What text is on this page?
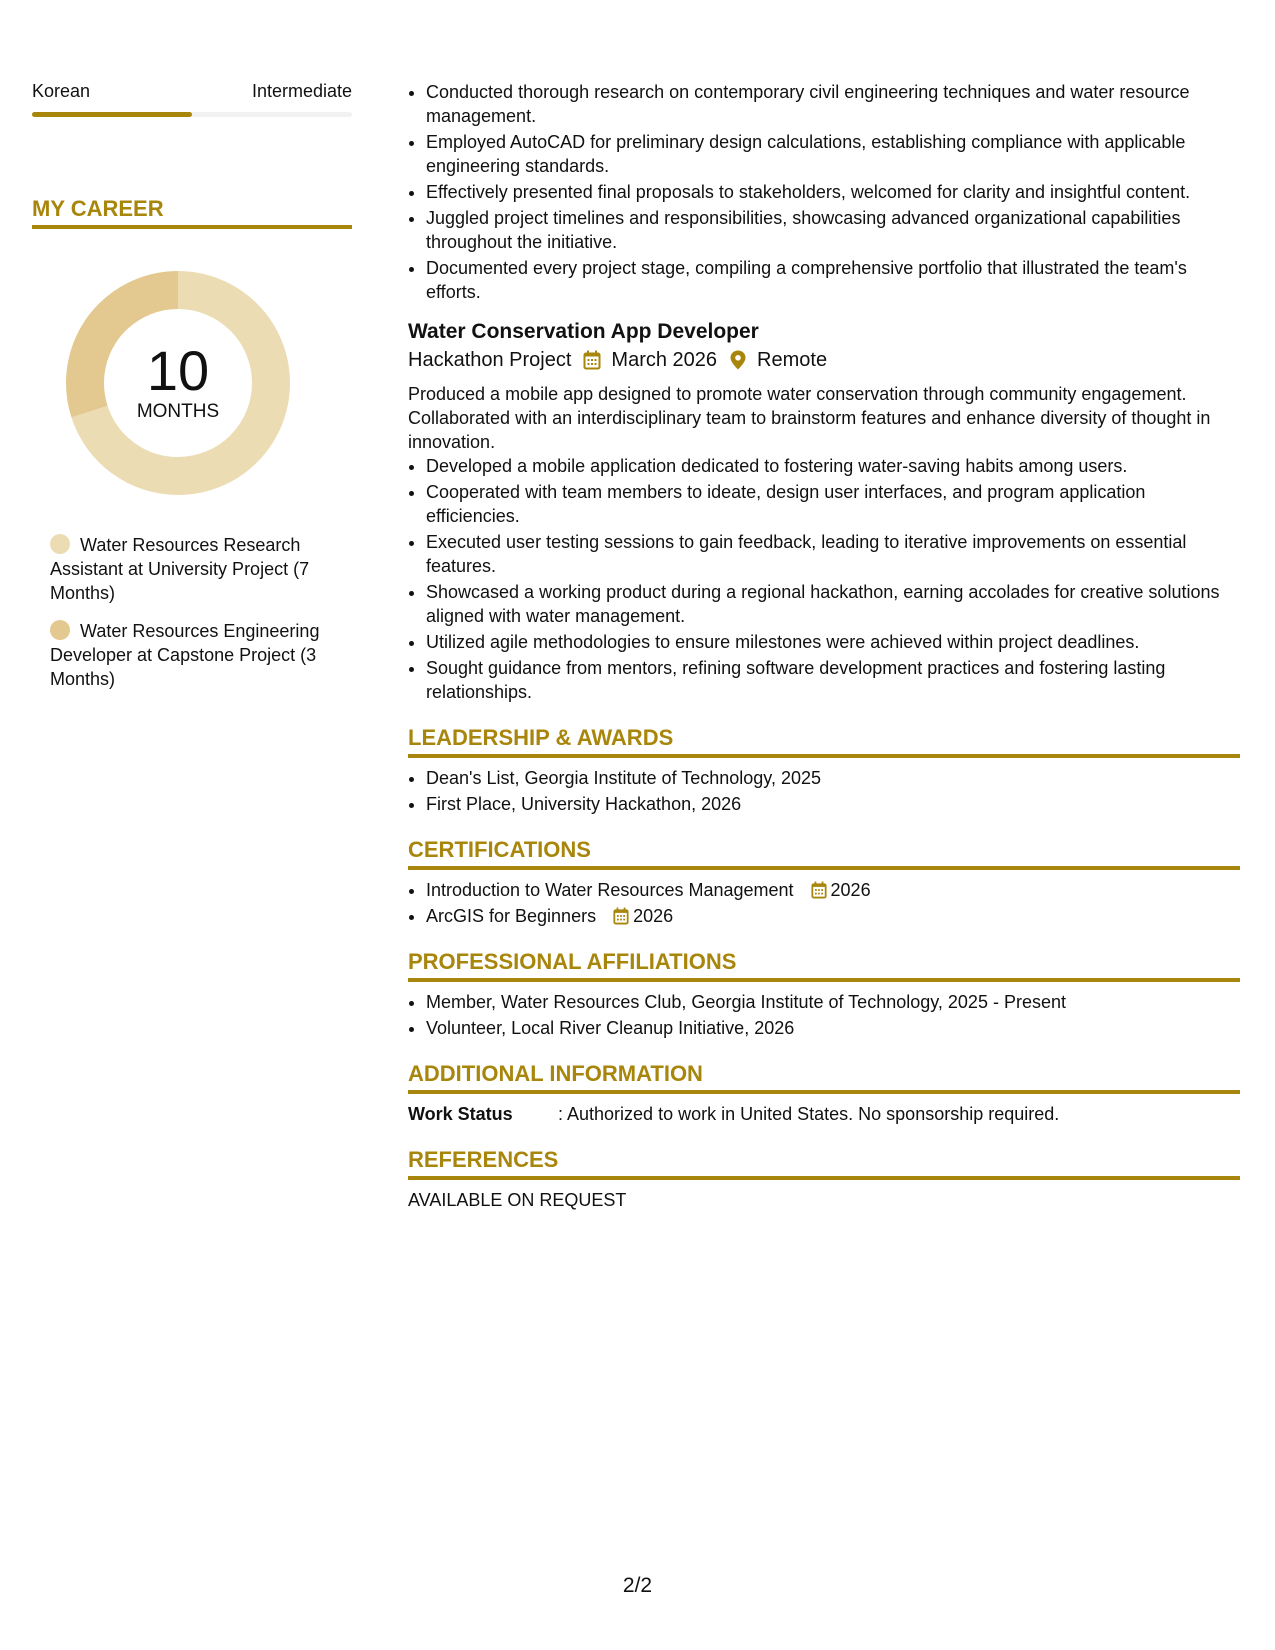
Korean	Intermediate
MY CAREER
10
MONTHS
Water Resources Research Assistant at University Project (7 Months)
Water Resources Engineering Developer at Capstone Project (3 Months)
• Conducted thorough research on contemporary civil engineering techniques and water resource management.
• Employed AutoCAD for preliminary design calculations, establishing compliance with applicable engineering standards.
• Effectively presented final proposals to stakeholders, welcomed for clarity and insightful content.
• Juggled project timelines and responsibilities, showcasing advanced organizational capabilities throughout the initiative.
• Documented every project stage, compiling a comprehensive portfolio that illustrated the team's efforts.
Water Conservation App Developer
Hackathon Project March 2026 Remote
Produced a mobile app designed to promote water conservation through community engagement. Collaborated with an interdisciplinary team to brainstorm features and enhance diversity of thought in innovation.
• Developed a mobile application dedicated to fostering water-saving habits among users.
• Cooperated with team members to ideate, design user interfaces, and program application efficiencies.
• Executed user testing sessions to gain feedback, leading to iterative improvements on essential features.
• Showcased a working product during a regional hackathon, earning accolades for creative solutions aligned with water management.
• Utilized agile methodologies to ensure milestones were achieved within project deadlines.
• Sought guidance from mentors, refining software development practices and fostering lasting relationships.
LEADERSHIP & AWARDS
• Dean's List, Georgia Institute of Technology, 2025
• First Place, University Hackathon, 2026
CERTIFICATIONS
• Introduction to Water Resources Management 2026
• ArcGIS for Beginners 2026
PROFESSIONAL AFFILIATIONS
• Member, Water Resources Club, Georgia Institute of Technology, 2025 - Present
• Volunteer, Local River Cleanup Initiative, 2026
ADDITIONAL INFORMATION
Work Status	: Authorized to work in United States. No sponsorship required.
REFERENCES
AVAILABLE ON REQUEST
2/2
